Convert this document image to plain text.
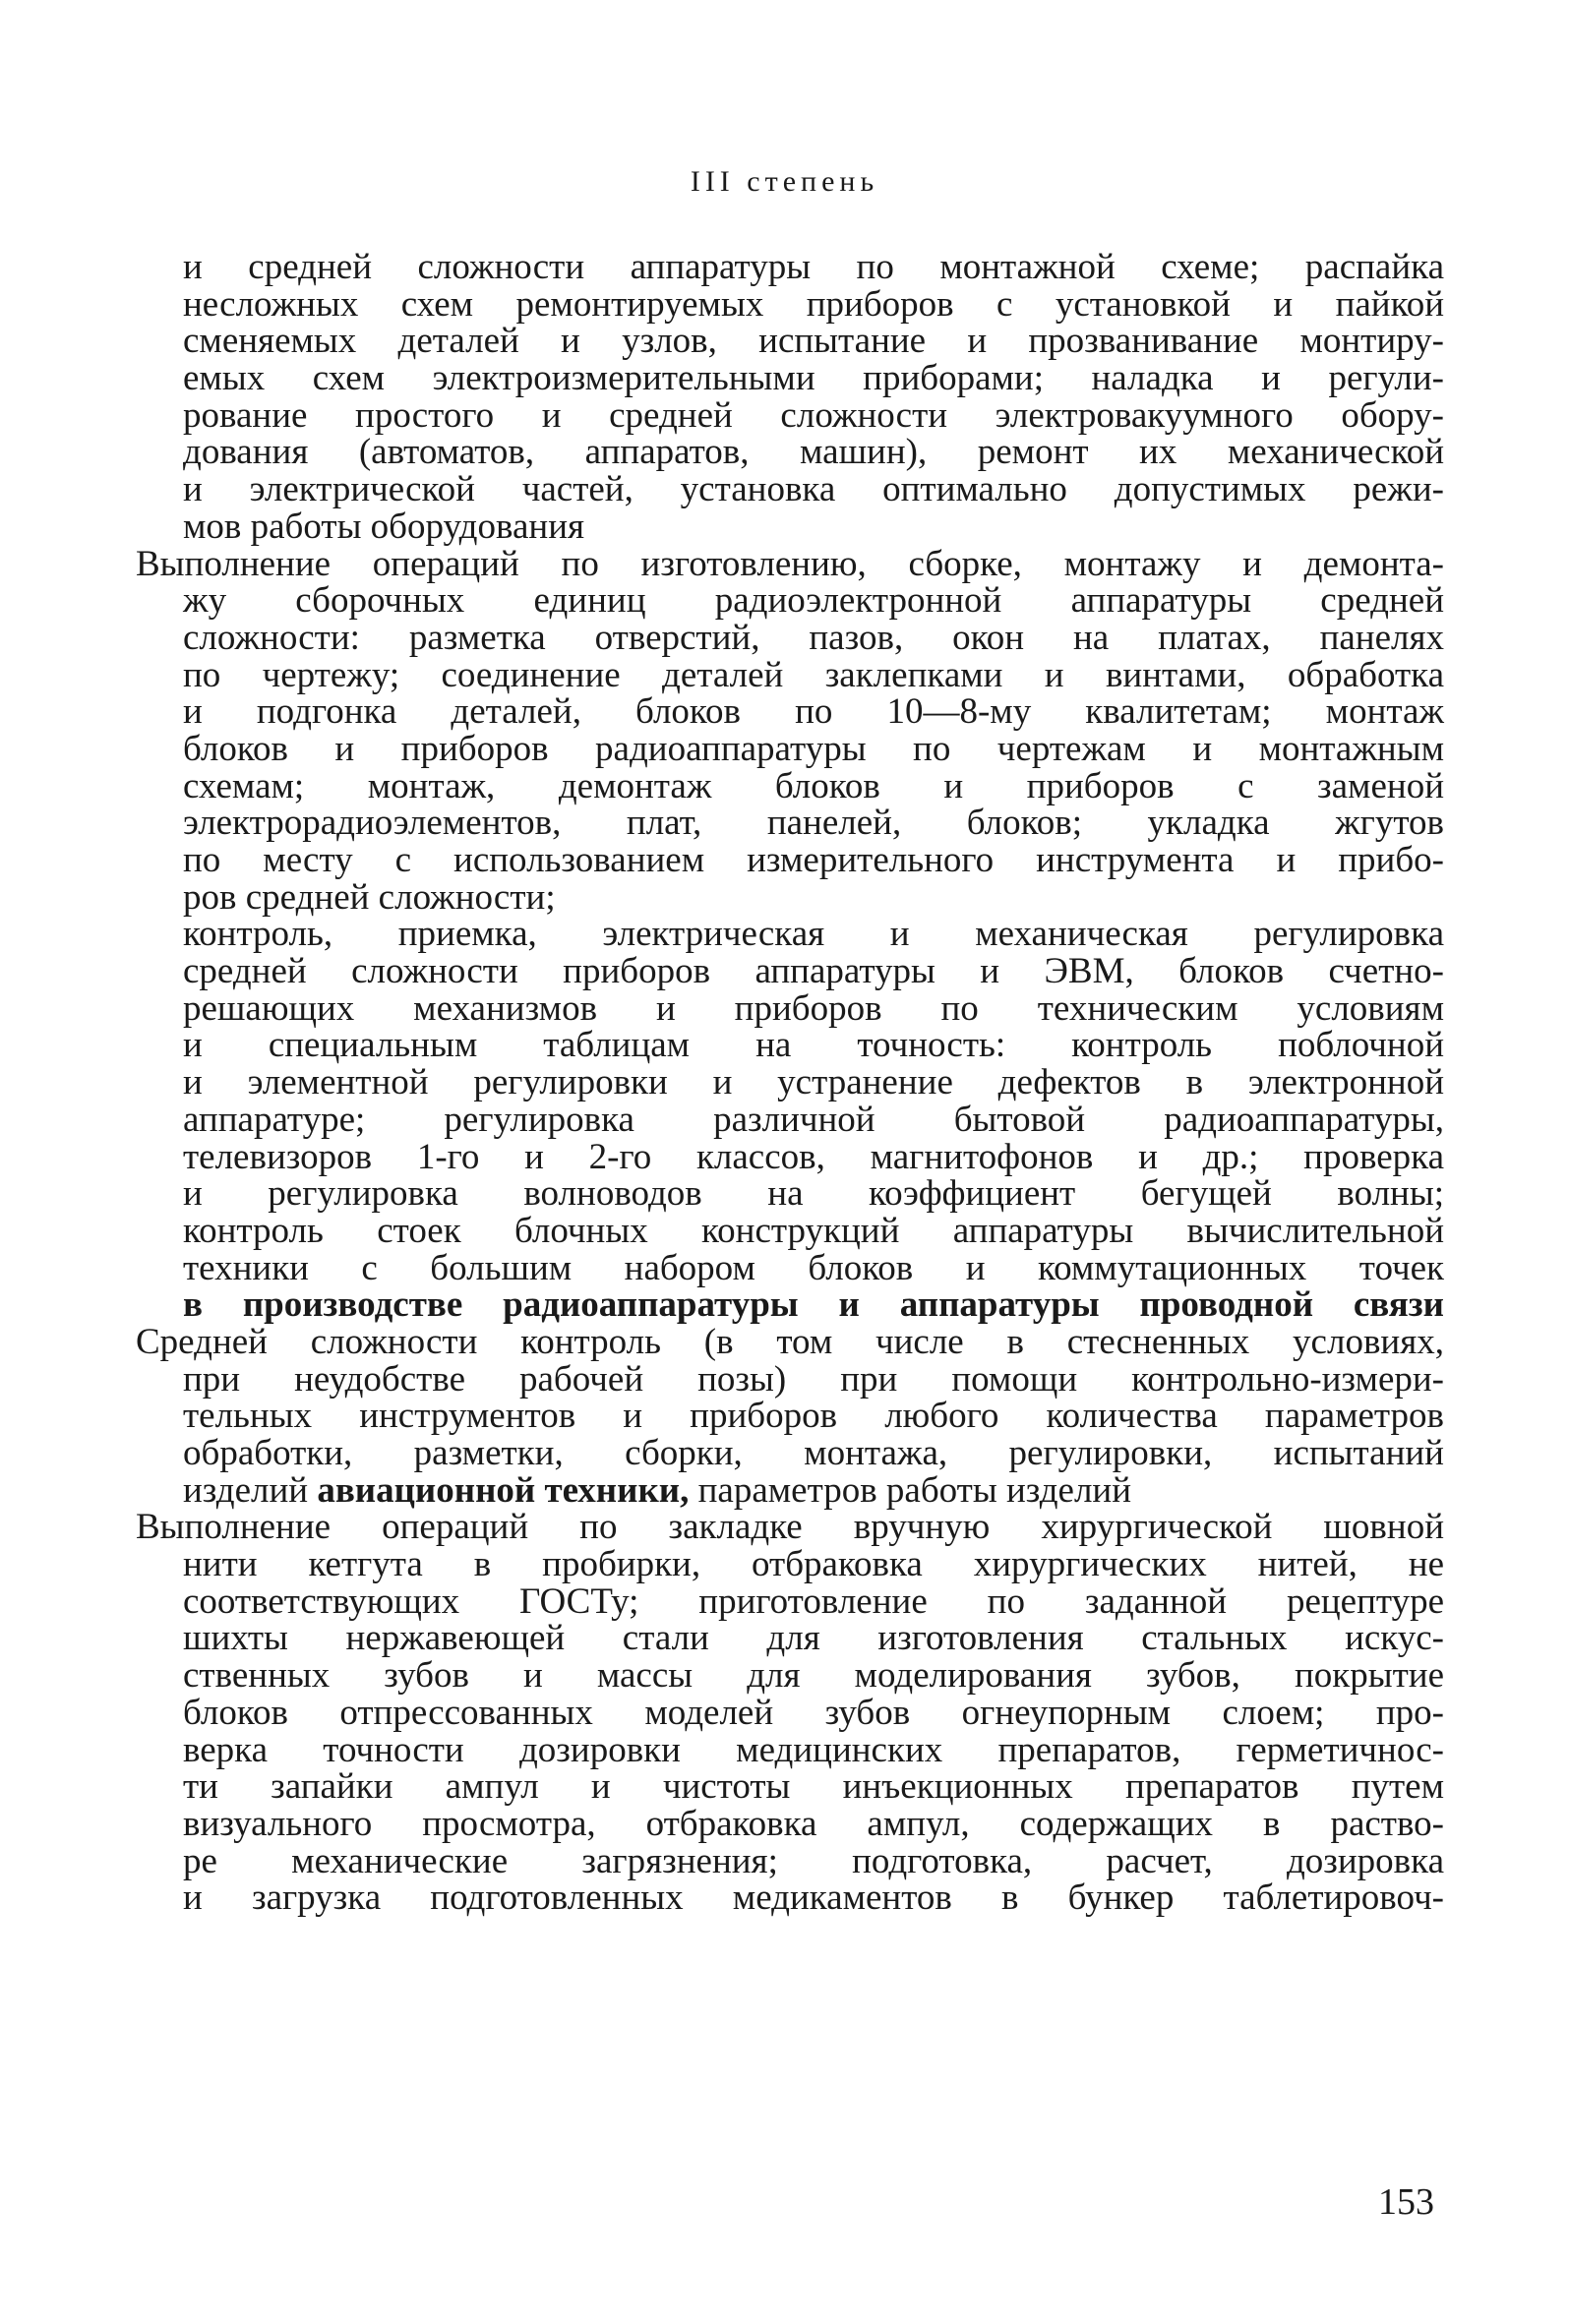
III степень
и средней сложности аппаратуры по монтажной схеме; распайка
несложных схем ремонтируемых приборов с установкой и пайкой
сменяемых деталей и узлов, испытание и прозванивание монтиру-
емых схем электроизмерительными приборами; наладка и регули-
рование простого и средней сложности электровакуумного обору-
дования (автоматов, аппаратов, машин), ремонт их механической
и электрической частей, установка оптимально допустимых режи-
мов работы оборудования
Выполнение операций по изготовлению, сборке, монтажу и демонта-
жу сборочных единиц радиоэлектронной аппаратуры средней
сложности: разметка отверстий, пазов, окон на платах, панелях
по чертежу; соединение деталей заклепками и винтами, обработка
и подгонка деталей, блоков по 10—8-му квалитетам; монтаж
блоков и приборов радиоаппаратуры по чертежам и монтажным
схемам; монтаж, демонтаж блоков и приборов с заменой
электрорадиоэлементов, плат, панелей, блоков; укладка жгутов
по месту с использованием измерительного инструмента и прибо-
ров средней сложности;
контроль, приемка, электрическая и механическая регулировка
средней сложности приборов аппаратуры и ЭВМ, блоков счетно-
решающих механизмов и приборов по техническим условиям
и специальным таблицам на точность: контроль поблочной
и элементной регулировки и устранение дефектов в электронной
аппаратуре; регулировка различной бытовой радиоаппаратуры,
телевизоров 1-го и 2-го классов, магнитофонов и др.; проверка
и регулировка волноводов на коэффициент бегущей волны;
контроль стоек блочных конструкций аппаратуры вычислительной
техники с большим набором блоков и коммутационных точек
в производстве радиоаппаратуры и аппаратуры проводной связи
Средней сложности контроль (в том числе в стесненных условиях,
при неудобстве рабочей позы) при помощи контрольно-измери-
тельных инструментов и приборов любого количества параметров
обработки, разметки, сборки, монтажа, регулировки, испытаний
изделий авиационной техники, параметров работы изделий
Выполнение операций по закладке вручную хирургической шовной
нити кетгута в пробирки, отбраковка хирургических нитей, не
соответствующих ГОСТу; приготовление по заданной рецептуре
шихты нержавеющей стали для изготовления стальных искус-
ственных зубов и массы для моделирования зубов, покрытие
блоков отпрессованных моделей зубов огнеупорным слоем; про-
верка точности дозировки медицинских препаратов, герметичнос-
ти запайки ампул и чистоты инъекционных препаратов путем
визуального просмотра, отбраковка ампул, содержащих в раство-
ре механические загрязнения; подготовка, расчет, дозировка
и загрузка подготовленных медикаментов в бункер таблетировоч-
153
